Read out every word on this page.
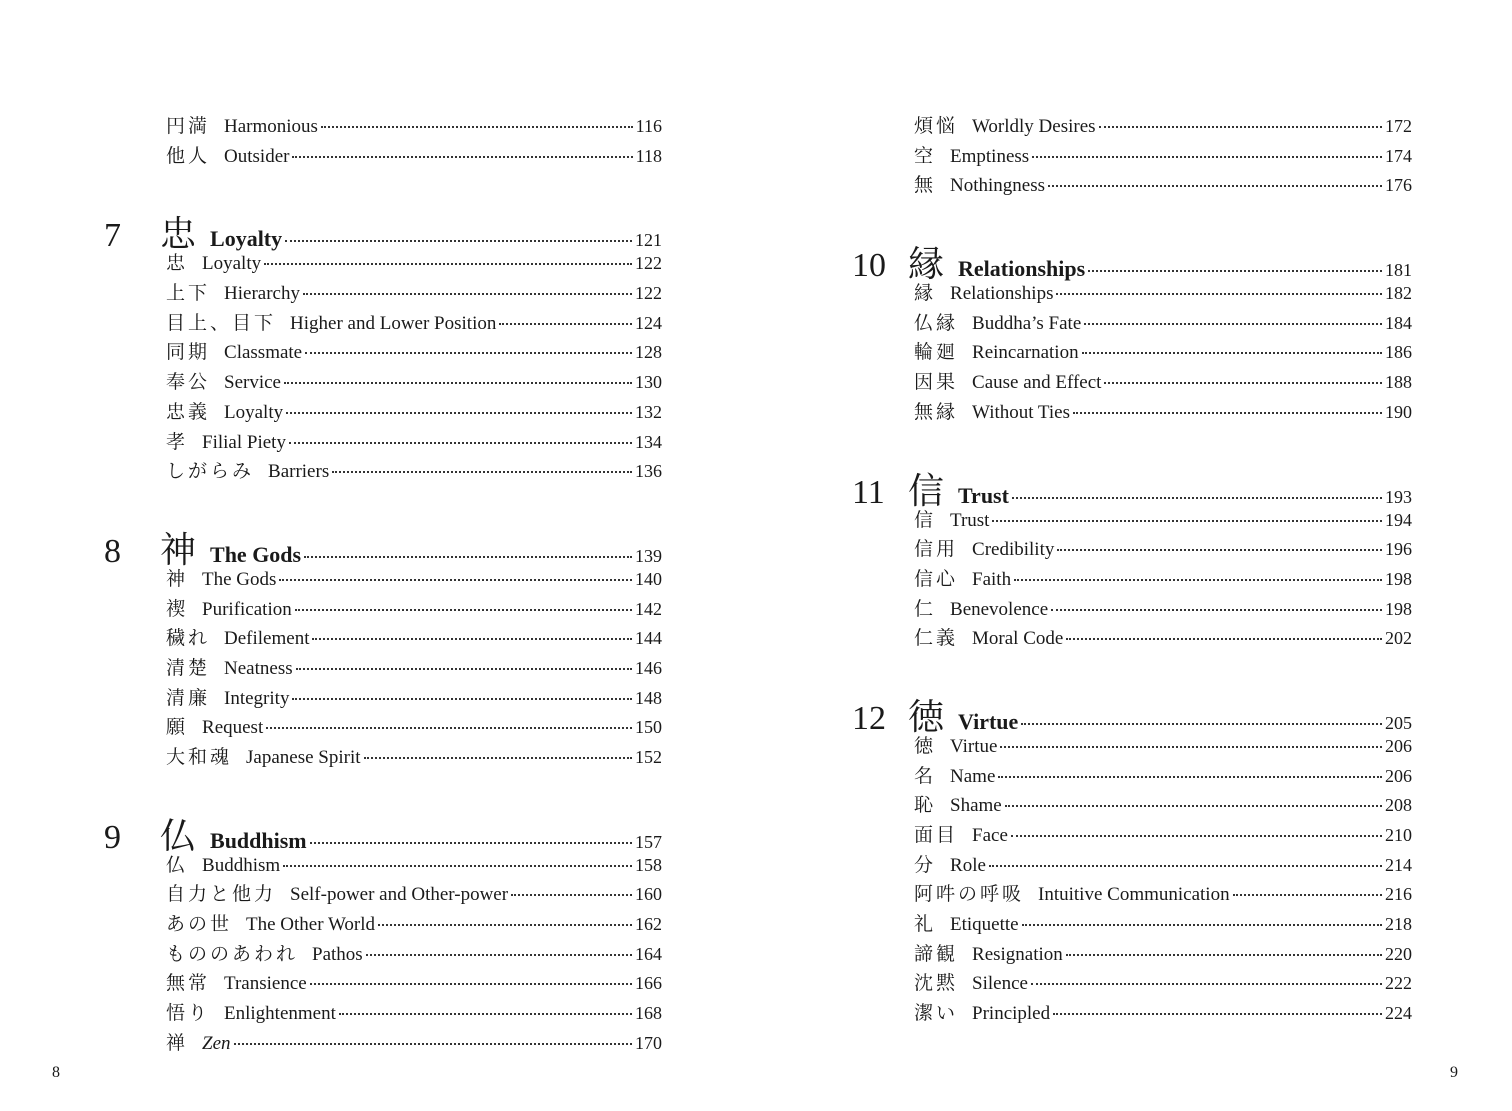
円満 Harmonious	116
他人 Outsider	118
7	忠 Loyalty	121
忠 Loyalty	122
上下 Hierarchy	122
目上、目下 Higher and Lower Position	124
同期 Classmate	128
奉公 Service	130
忠義 Loyalty	132
孝 Filial Piety	134
しがらみ Barriers	136
8	神 The Gods	139
神 The Gods	140
禊 Purification	142
穢れ Defilement	144
清楚 Neatness	146
清廉 Integrity	148
願 Request	150
大和魂 Japanese Spirit	152
9	仏 Buddhism	157
仏 Buddhism	158
自力と他力 Self-power and Other-power	160
あの世 The Other World	162
もののあわれ Pathos	164
無常 Transience	166
悟り Enlightenment	168
禅 Zen	170
煩悩 Worldly Desires	172
空 Emptiness	174
無 Nothingness	176
10 縁 Relationships	181
縁 Relationships	182
仏縁 Buddha’s Fate	184
輪廻 Reincarnation	186
因果 Cause and Effect	188
無縁 Without Ties	190
11 信 Trust	193
信 Trust	194
信用 Credibility	196
信心 Faith	198
仁 Benevolence	198
仁義 Moral Code	202
12 徳 Virtue	205
徳 Virtue	206
名 Name	206
恥 Shame	208
面目 Face	210
分 Role	214
阿吽の呼吸 Intuitive Communication	216
礼 Etiquette	218
諦観 Resignation	220
沈黙 Silence	222
潔い Principled	224
8	9
